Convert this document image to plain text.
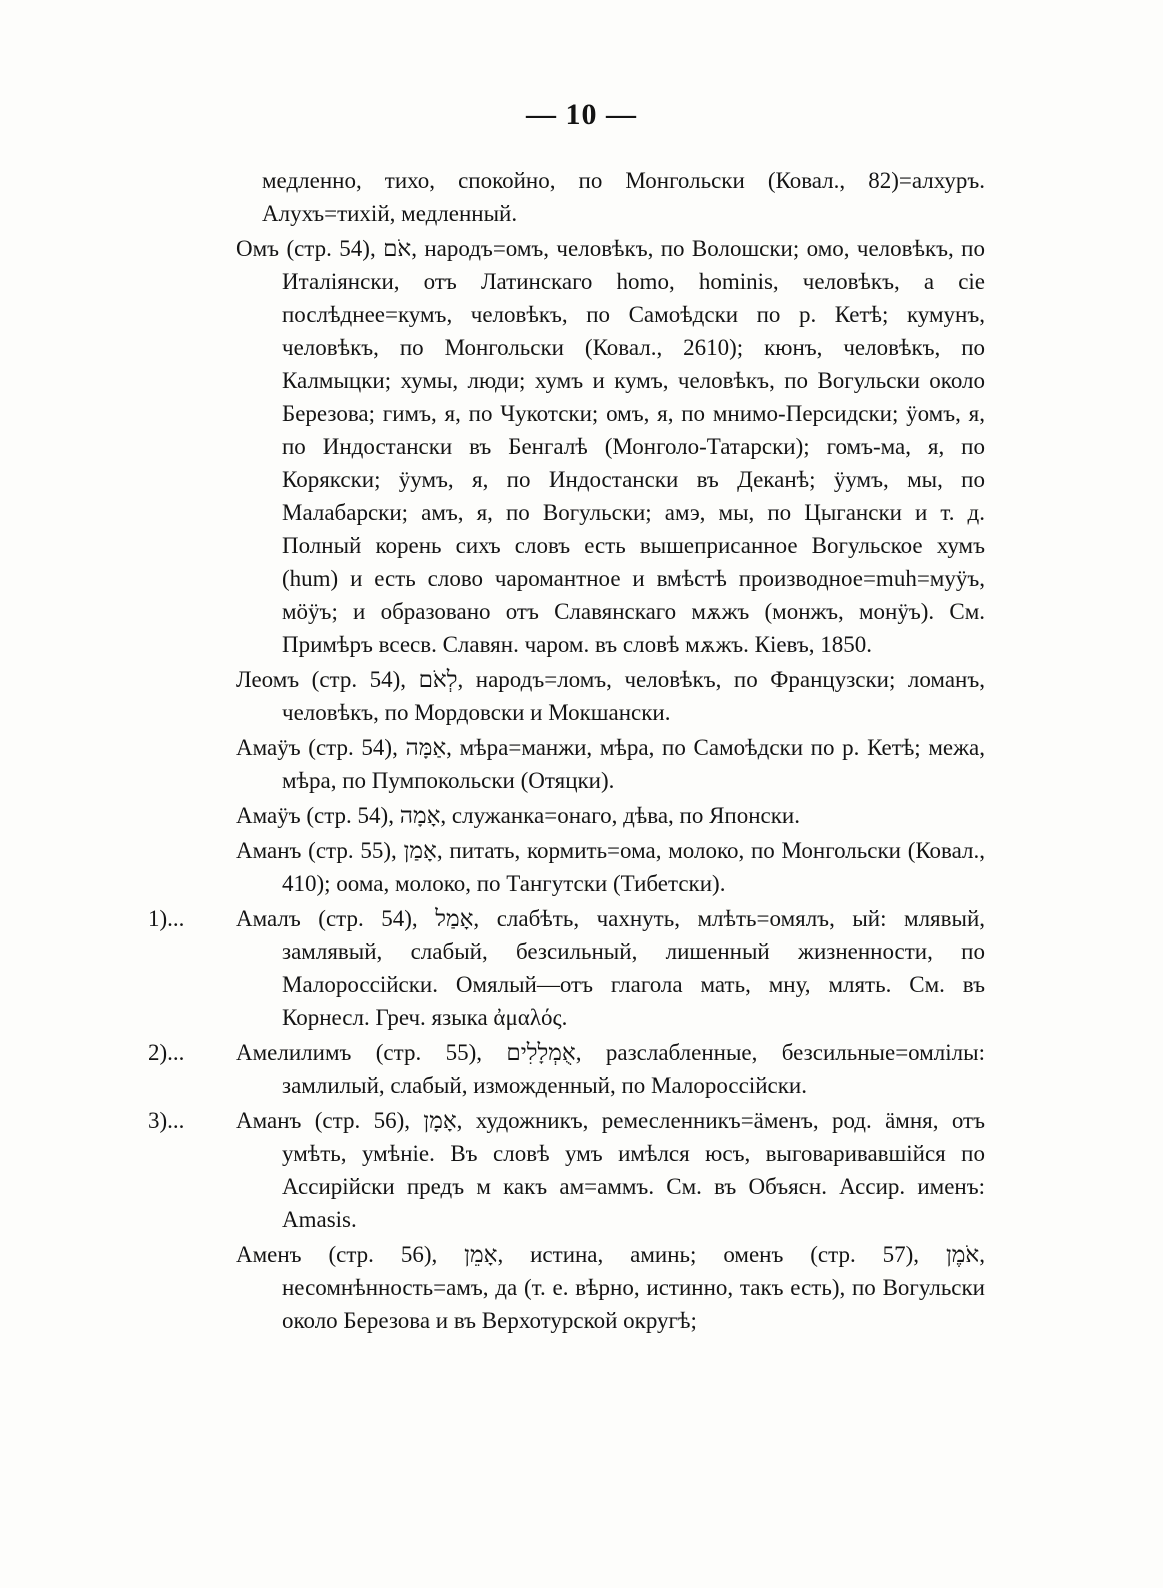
— 10 —

медленно, тихо, спокойно, по Монгольски (Ковал., 82)=алхуръ. Алухъ=тихiй, медленный.

Омъ (стр. 54), אֹם, народъ=омъ, человѣкъ, по Волошски; омо, человѣкъ, по Италiянски, отъ Латинскаго homo, hominis, человѣкъ, а сiе послѣднее=кумъ, человѣкъ, по Самоѣдски по р. Кетѣ; кумунъ, человѣкъ, по Монгольски (Ковал., 2610); кюнъ, человѣкъ, по Калмыцки; хумы, люди; хумъ и кумъ, человѣкъ, по Вогульски около Березова; гимъ, я, по Чукотски; омъ, я, по мнимо-Персидски; ӱомъ, я, по Индостански въ Бенгалѣ (Монголо-Татарски); гомъ-ма, я, по Корякски; ӱумъ, я, по Индостански въ Деканѣ; ӱумъ, мы, по Малабарски; амъ, я, по Вогульски; амэ, мы, по Цыгански и т. д. Полный корень сихъ словъ есть вышеприсанное Вогульское хумъ (hum) и есть слово чаромантное и вмѣстѣ производное=muh=муӱъ, мӧӱъ; и образовано отъ Славянскаго мѫжъ (монжъ, монӱъ). См. Примѣръ всеcв. Славян. чаром. въ словѣ мѫжъ. Кiевъ, 1850.

Леомъ (стр. 54), לְאֹם, народъ=ломъ, человѣкъ, по Французски; ломанъ, человѣкъ, по Мордовски и Мокшански.

Амаӱъ (стр. 54), אַמָּה, мѣра=манжи, мѣра, по Самоѣдски по р. Кетѣ; межа, мѣра, по Пумпокольски (Отяцки).

Амаӱъ (стр. 54), אָמָה, служанка=онаго, дѣва, по Японски.

Аманъ (стр. 55), אָמַן, питать, кормить=ома, молоко, по Монгольски (Ковал., 410); оома, молоко, по Тангутски (Тибетски).

1)...	Амалъ (стр. 54), אָמַל, слабѣть, чахнуть, млѣть=омялъ, ый: млявый, замлявый, слабый, безсильный, лишенный жизненности, по Малороссiйски. Омялый—отъ глагола мать, мну, млять. См. въ Корнесл. Греч. языка ἀμαλός.
2)...	Амелилимъ (стр. 55), אֻמְלָלִים, разслабленные, безсильные=омлiлы: замлилый, слабый, изможденный, по Малороссiйски.
3)...	Аманъ (стр. 56), אָמָן, художникъ, ремесленникъ=ӓменъ, род. ӓмня, отъ умѣть, умѣнiе. Въ словѣ умъ имѣлся юсъ, выговаривавшiйся по Ассирiйски предъ м какъ ам=аммъ. См. въ Объясн. Ассир. именъ: Amasis.

Аменъ (стр. 56), אָמֵן, истина, аминь; оменъ (стр. 57), אֹמֶן, несомнѣнность=амъ, да (т. е. вѣрно, истинно, такъ есть), по Вогульски около Березова и въ Верхотурской округѣ;
